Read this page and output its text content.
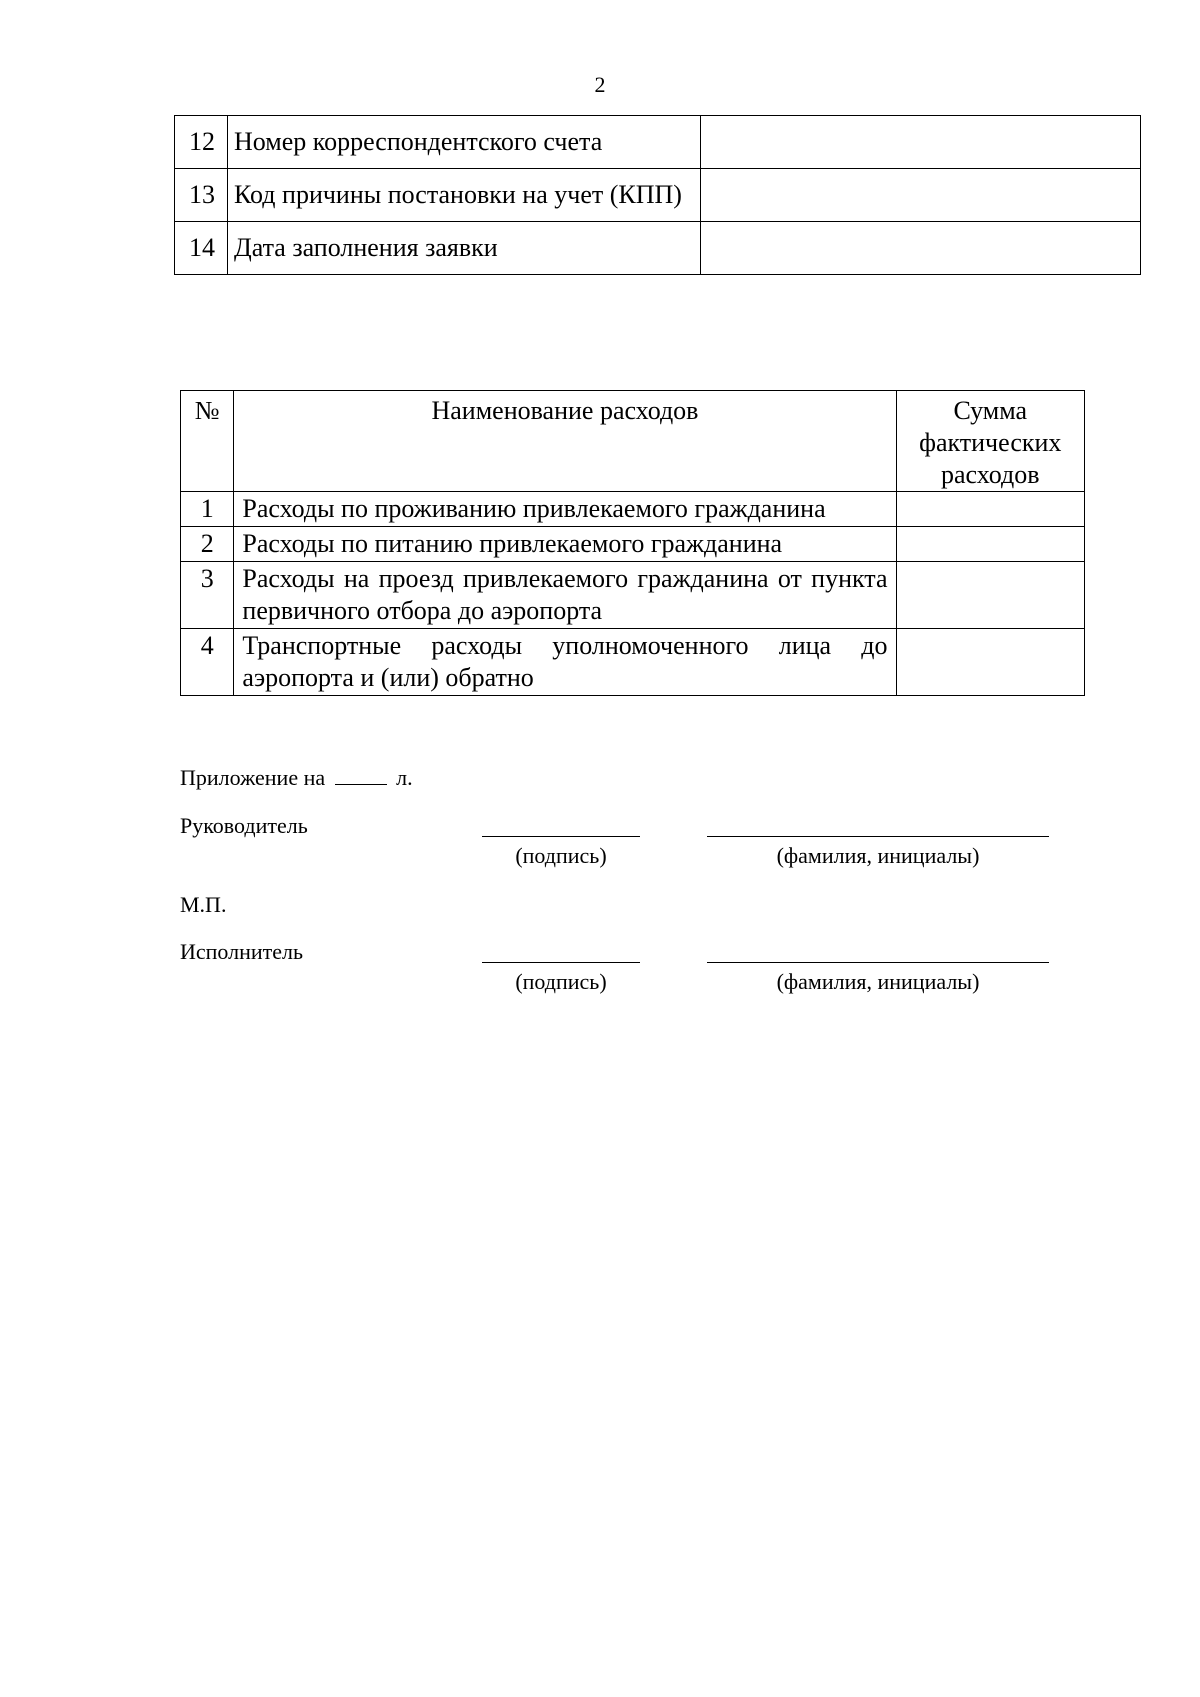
2
12	Номер корреспондентского счета	
13	Код причины постановки на учет (КПП)	
14	Дата заполнения заявки	
№	Наименование расходов	Сумма фактических расходов
1	Расходы по проживанию привлекаемого гражданина	
2	Расходы по питанию привлекаемого гражданина	
3	Расходы на проезд привлекаемого гражданина от пункта первичного отбора до аэропорта	
4	Транспортные расходы уполномоченного лица до аэропорта и (или) обратно	
Приложение на	л.
Руководитель
(подпись)	(фамилия, инициалы)
М.П.
Исполнитель
(подпись)	(фамилия, инициалы)
